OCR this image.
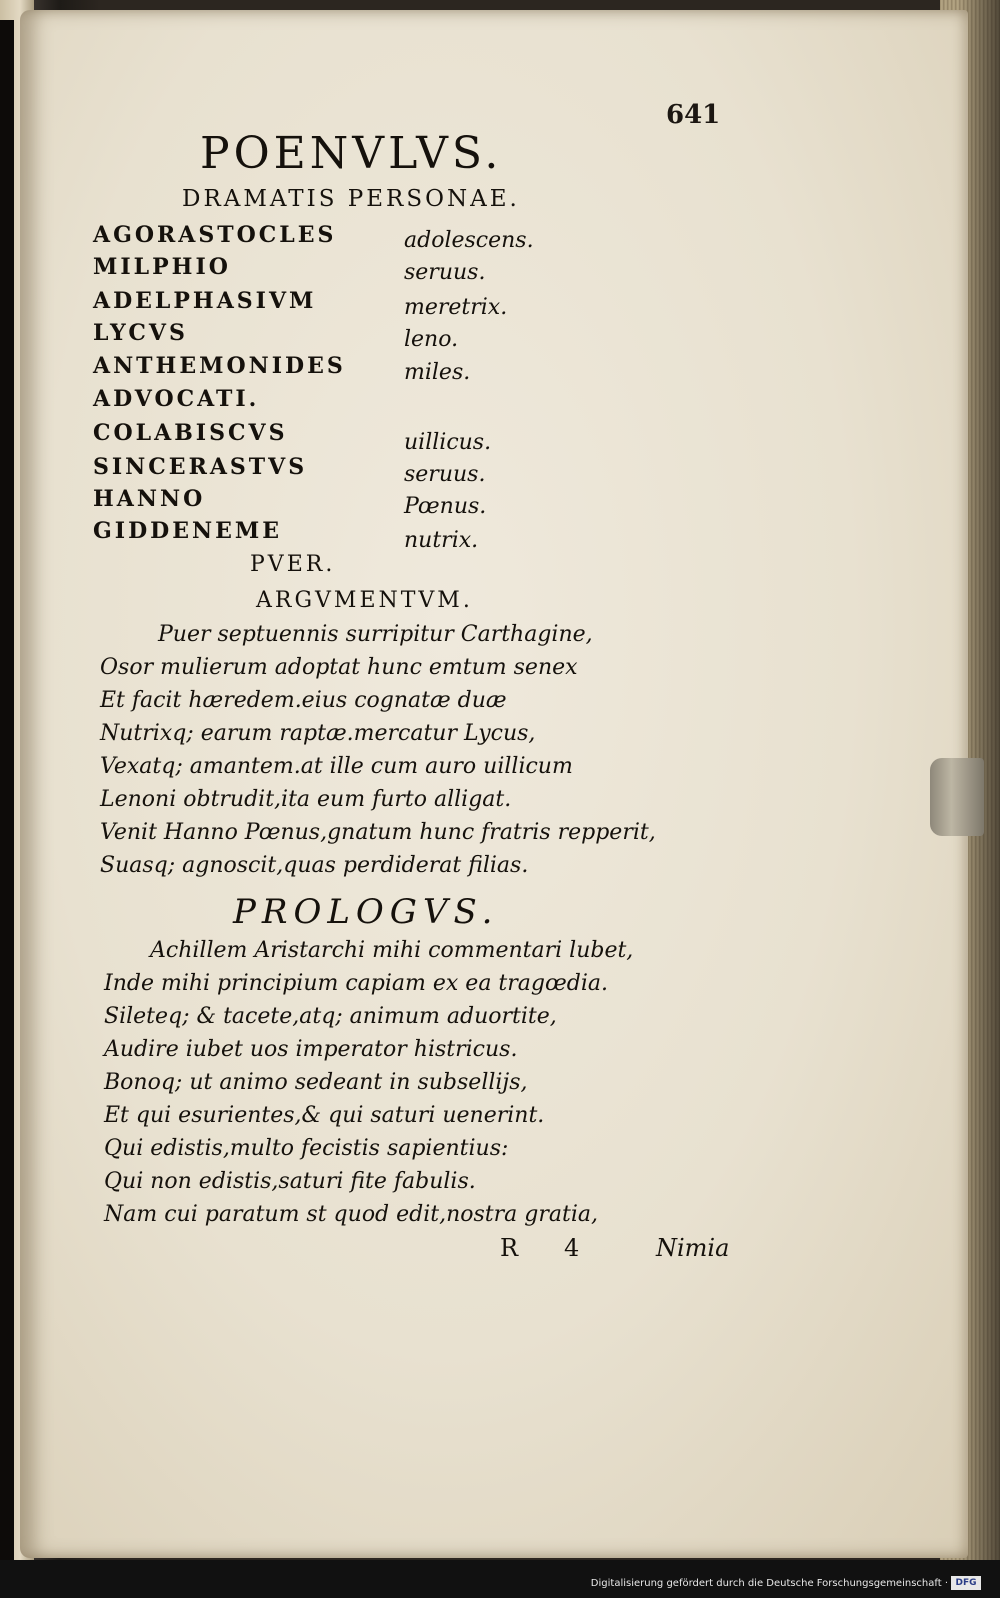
641
POENVLVS.
DRAMATIS PERSONAE.
AGORASTOCLES	adolescens.
MILPHIO	seruus.
ADELPHASIVM	meretrix.
LYCVS	leno.
ANTHEMONIDES	miles.
ADVOCATI.
COLABISCVS	uillicus.
SINCERASTVS	seruus.
HANNO	Pœnus.
GIDDENEME	nutrix.
PVER.
ARGVMENTVM.
Puer septuennis surripitur Carthagine,
Osor mulierum adoptat hunc emtum senex
Et facit hæredem.eius cognatæ duæ
Nutrixq; earum raptæ.mercatur Lycus,
Vexatq; amantem.at ille cum auro uillicum
Lenoni obtrudit,ita eum furto alligat.
Venit Hanno Pœnus,gnatum hunc fratris repperit,
Suasq; agnoscit,quas perdiderat filias.
PROLOGVS.
Achillem Aristarchi mihi commentari lubet,
Inde mihi principium capiam ex ea tragœdia.
Sileteq; & tacete,atq; animum aduortite,
Audire iubet uos imperator histricus.
Bonoq; ut animo sedeant in subsellijs,
Et qui esurientes,& qui saturi uenerint.
Qui edistis,multo fecistis sapientius:
Qui non edistis,saturi fite fabulis.
Nam cui paratum st quod edit,nostra gratia,
R 4	Nimia
Digitalisierung gefördert durch die Deutsche Forschungsgemeinschaft · DFG
